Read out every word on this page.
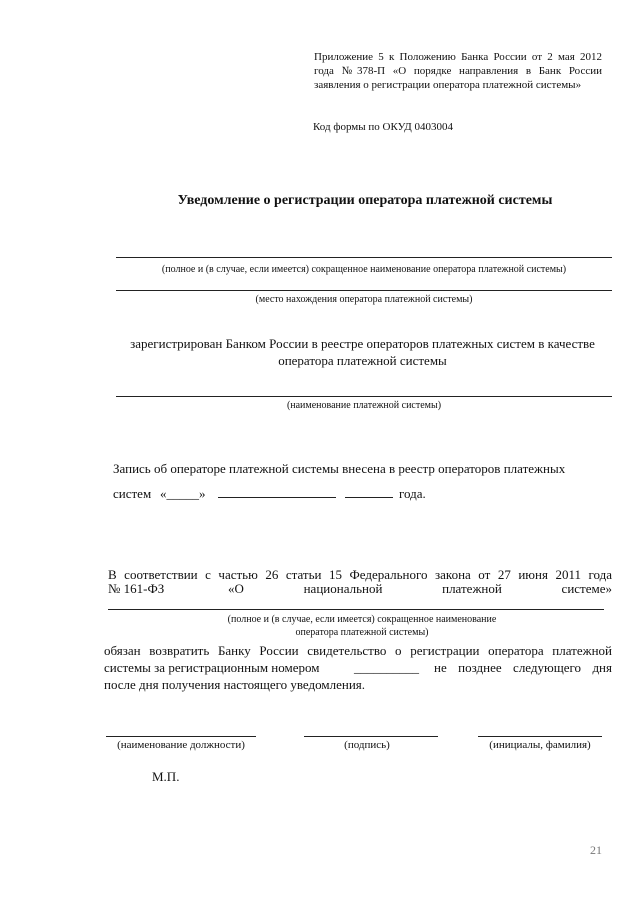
Приложение 5 к Положению Банка России от 2 мая 2012 года №378-П «О порядке направления в Банк России заявления о регистрации оператора платежной системы»
Код формы по ОКУД 0403004
Уведомление о регистрации оператора платежной системы
(полное и (в случае, если имеется) сокращенное наименование оператора платежной системы)
(место нахождения оператора платежной системы)
зарегистрирован Банком России в реестре операторов платежных систем в качестве оператора платежной системы
(наименование платежной системы)
Запись об операторе платежной системы внесена в реестр операторов платежных
систем «_____»	года.
В соответствии с частью 26 статьи 15 Федерального закона от 27 июня 2011 года
№ 161-ФЗ	«О национальной платежной системе»
(полное и (в случае, если имеется) сокращенное наименование оператора платежной системы)
обязан возвратить Банку России свидетельство о регистрации оператора платежной
системы за регистрационным номером	__________ не позднее следующего дня
после дня получения настоящего уведомления.
(наименование должности)	(подпись)	(инициалы, фамилия)
М.П.
21
